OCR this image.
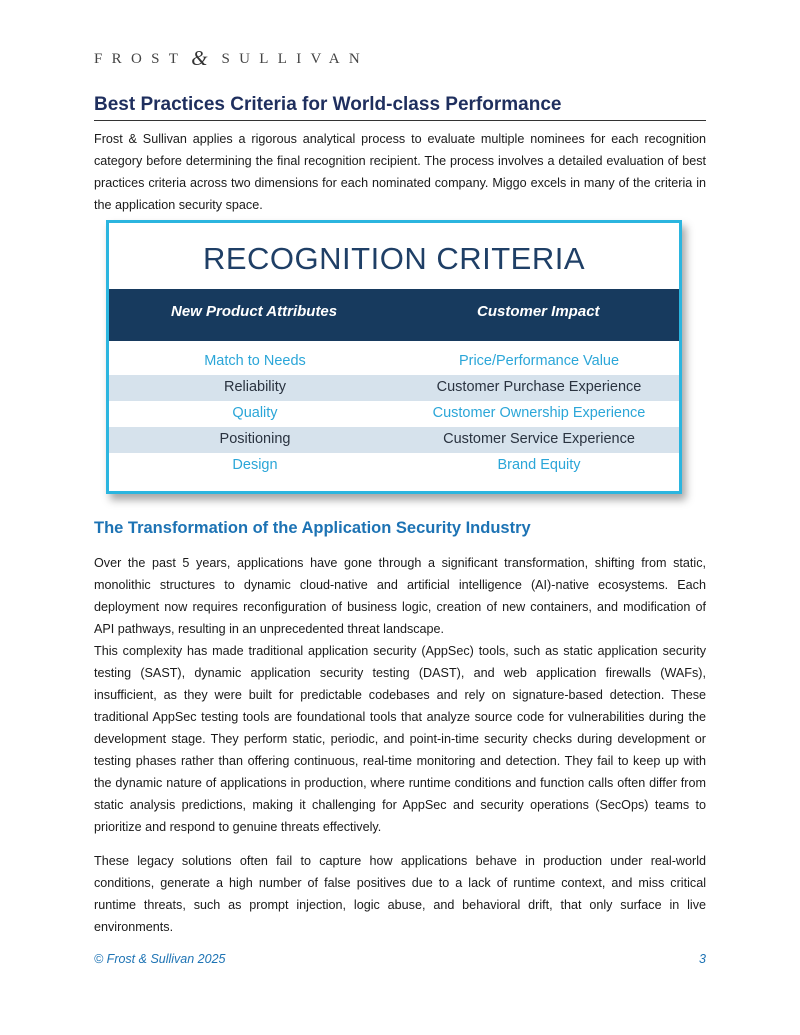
FROST & SULLIVAN
Best Practices Criteria for World-class Performance

Frost & Sullivan applies a rigorous analytical process to evaluate multiple nominees for each recognition category before determining the final recognition recipient. The process involves a detailed evaluation of best practices criteria across two dimensions for each nominated company. Miggo excels in many of the criteria in the application security space.

RECOGNITION CRITERIA
New Product Attributes	Customer Impact
Match to Needs	Price/Performance Value
Reliability	Customer Purchase Experience
Quality	Customer Ownership Experience
Positioning	Customer Service Experience
Design	Brand Equity
The Transformation of the Application Security Industry

Over the past 5 years, applications have gone through a significant transformation, shifting from static, monolithic structures to dynamic cloud-native and artificial intelligence (AI)-native ecosystems. Each deployment now requires reconfiguration of business logic, creation of new containers, and modification of API pathways, resulting in an unprecedented threat landscape.

This complexity has made traditional application security (AppSec) tools, such as static application security testing (SAST), dynamic application security testing (DAST), and web application firewalls (WAFs), insufficient, as they were built for predictable codebases and rely on signature-based detection. These traditional AppSec testing tools are foundational tools that analyze source code for vulnerabilities during the development stage. They perform static, periodic, and point-in-time security checks during development or testing phases rather than offering continuous, real-time monitoring and detection. They fail to keep up with the dynamic nature of applications in production, where runtime conditions and function calls often differ from static analysis predictions, making it challenging for AppSec and security operations (SecOps) teams to prioritize and respond to genuine threats effectively.

These legacy solutions often fail to capture how applications behave in production under real-world conditions, generate a high number of false positives due to a lack of runtime context, and miss critical runtime threats, such as prompt injection, logic abuse, and behavioral drift, that only surface in live environments.

© Frost & Sullivan 2025	3
